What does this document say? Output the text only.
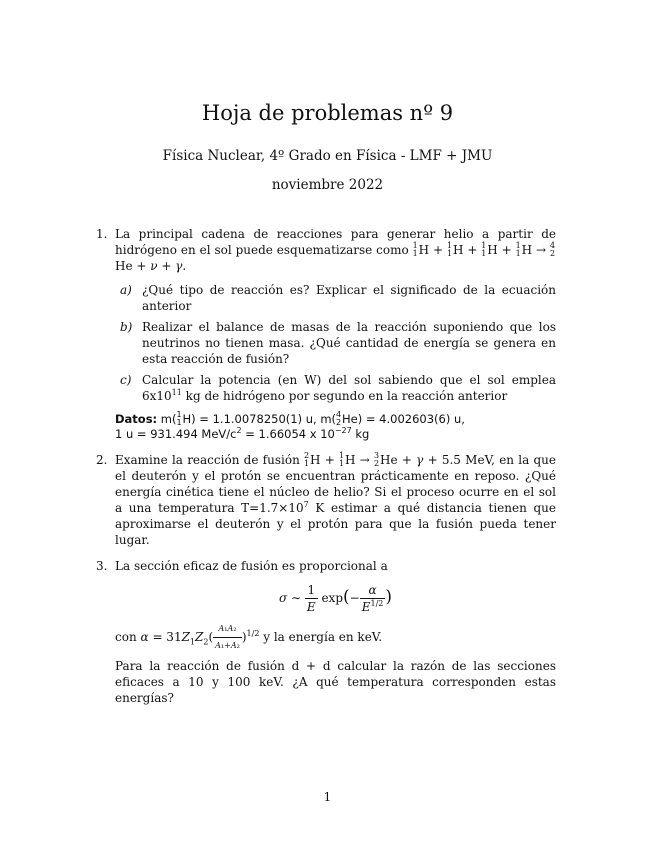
Hoja de problemas nº 9
Física Nuclear, 4º Grado en Física - LMF + JMU
noviembre 2022
1. La principal cadena de reacciones para generar helio a partir de hidrógeno en el sol puede esquematizarse como 1
1 H + 1
1 H + 1
1 H + 1
1 H → 4
2
He + ν + γ.
a) ¿Qué tipo de reacción es? Explicar el significado de la ecuación anterior
b) Realizar el balance de masas de la reacción suponiendo que los neutrinos no tienen masa. ¿Qué cantidad de energía se genera en esta reacción de fusión?
c) Calcular la potencia (en W) del sol sabiendo que el sol emplea $6x10^{11}$ kg de hidrógeno por segundo en la reacción anterior
Datos: m( 1
1 H) = 1.1.0078250(1) u, m( 4
2 He) = 4.002603(6) u,
1 u = 931.494 MeV/$c^2 = 1.66054$ x $10^{-27}$ kg
2. Examine la reacción de fusión 2
1 H + 1
1 H → 3
2 He + γ + 5.5 MeV, en la que el deuterón y el protón se encuentran prácticamente en reposo. ¿Qué energía cinética tiene el núcleo de helio? Si el proceso ocurre en el sol a una temperatura $T=1.7\times 10^7$ K estimar a qué distancia tienen que aproximarse el deuterón y el protón para que la fusión pueda tener lugar.
3. La sección eficaz de fusión es proporcional a
σ ∼ $\frac{1}{E} \exp(- \frac{\alpha}{E^{1/2}}$ )
con $\alpha = 31Z_1Z_2( \frac{\text{A₁A₂}}{\text{A₁+A₂}} )^{1/2}$ y la energía en keV.
Para la reacción de fusión d + d calcular la razón de las secciones eficaces a 10 y 100 keV. ¿A qué temperatura corresponden estas energías?
1
